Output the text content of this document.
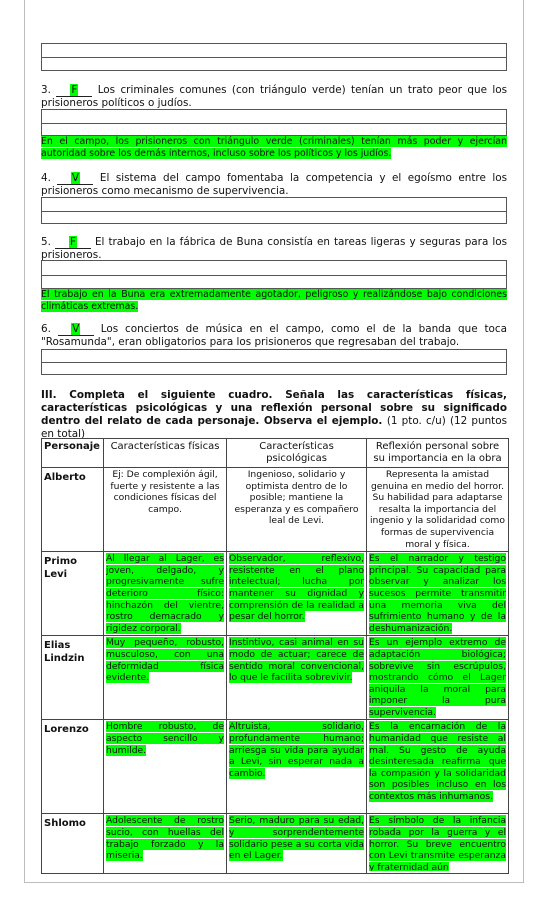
3. F Los criminales comunes (con triángulo verde) tenían un trato peor que los prisioneros políticos o judíos.
En el campo, los prisioneros con triángulo verde (criminales) tenían más poder y ejercían autoridad sobre los demás internos, incluso sobre los políticos y los judíos.
4. V El sistema del campo fomentaba la competencia y el egoísmo entre los prisioneros como mecanismo de supervivencia.
5. F El trabajo en la fábrica de Buna consistía en tareas ligeras y seguras para los prisioneros.
El trabajo en la Buna era extremadamente agotador, peligroso y realizándose bajo condiciones climáticas extremas.
6. V Los conciertos de música en el campo, como el de la banda que toca "Rosamunda", eran obligatorios para los prisioneros que regresaban del trabajo.
III. Completa el siguiente cuadro. Señala las características físicas, características psicológicas y una reflexión personal sobre su significado dentro del relato de cada personaje. Observa el ejemplo. (1 pto. c/u) (12 puntos en total)
Personaje	Características físicas	Características psicológicas	Reflexión personal sobre su importancia en la obra
Alberto	Ej: De complexión ágil, fuerte y resistente a las condiciones físicas del campo.	Ingenioso, solidario y optimista dentro de lo posible; mantiene la esperanza y es compañero leal de Levi.	Representa la amistad genuina en medio del horror. Su habilidad para adaptarse resalta la importancia del ingenio y la solidaridad como formas de supervivencia moral y física.
Primo Levi	Al llegar al Lager, es joven, delgado, y progresivamente sufre deterioro físico: hinchazón del vientre, rostro demacrado y rigidez corporal.	Observador, reflexivo, resistente en el plano intelectual; lucha por mantener su dignidad y comprensión de la realidad a pesar del horror.	Es el narrador y testigo principal. Su capacidad para observar y analizar los sucesos permite transmitir una memoria viva del sufrimiento humano y de la deshumanización.
Elias Lindzin	Muy pequeño, robusto, musculoso, con una deformidad física evidente.	Instintivo, casi animal en su modo de actuar; carece de sentido moral convencional, lo que le facilita sobrevivir.	Es un ejemplo extremo de adaptación biológica; sobrevive sin escrúpulos, mostrando cómo el Lager aniquila la moral para imponer la pura supervivencia.
Lorenzo	Hombre robusto, de aspecto sencillo y humilde.	Altruista, solidario, profundamente humano; arriesga su vida para ayudar a Levi, sin esperar nada a cambio.	Es la encarnación de la humanidad que resiste al mal. Su gesto de ayuda desinteresada reafirma que la compasión y la solidaridad son posibles incluso en los contextos más inhumanos.
Shlomo	Adolescente de rostro sucio, con huellas del trabajo forzado y la miseria.	Serio, maduro para su edad, y sorprendentemente solidario pese a su corta vida en el Lager.	Es símbolo de la infancia robada por la guerra y el horror. Su breve encuentro con Levi transmite esperanza y fraternidad aún
